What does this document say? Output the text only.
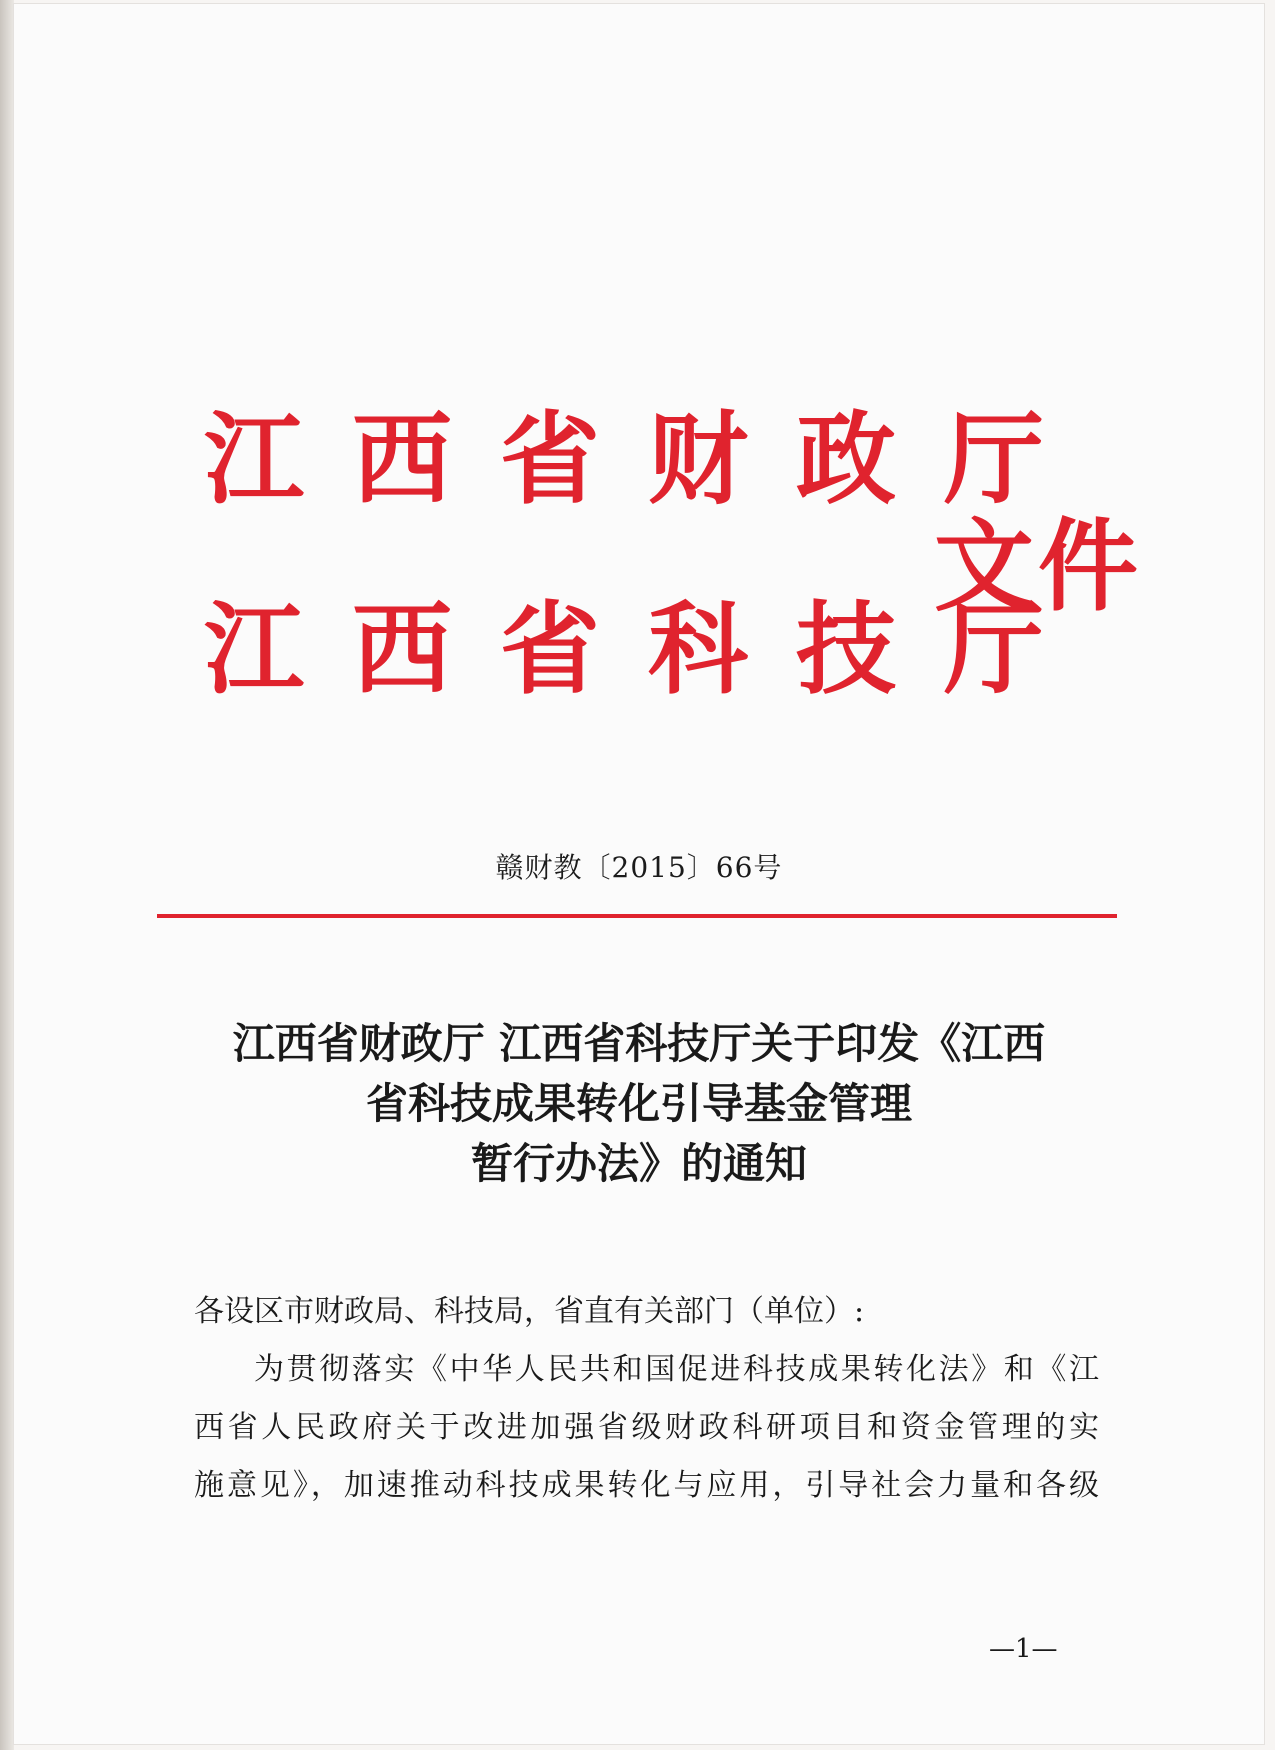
江西省财政厅
文件
江西省科技厅
赣财教〔2015〕66号
江西省财政厅 江西省科技厅关于印发《江西
省科技成果转化引导基金管理
暂行办法》的通知
各设区市财政局、科技局，省直有关部门（单位）:
为贯彻落实《中华人民共和国促进科技成果转化法》和《江
西省人民政府关于改进加强省级财政科研项目和资金管理的实
施意见》，加速推动科技成果转化与应用，引导社会力量和各级
—1—
